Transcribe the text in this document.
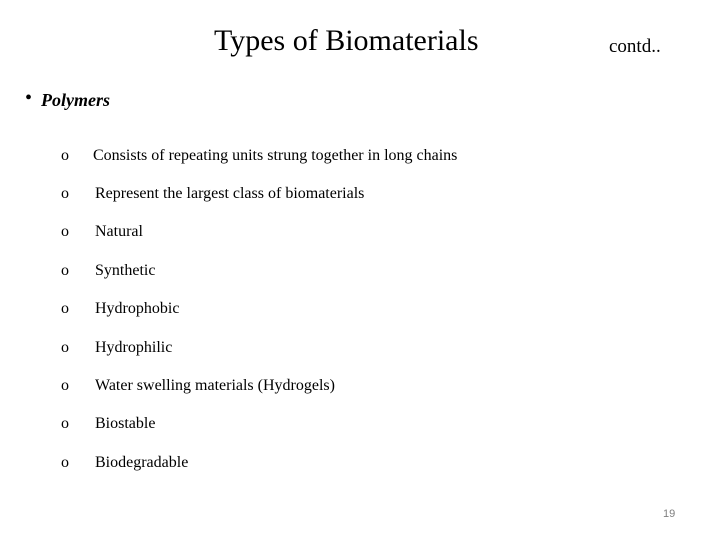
Types of Biomaterials	contd..
• Polymers
o Consists of repeating units strung together in long chains
o Represent the largest class of biomaterials
o Natural
o Synthetic
o Hydrophobic
o Hydrophilic
o Water swelling materials (Hydrogels)
o Biostable
o Biodegradable
19
